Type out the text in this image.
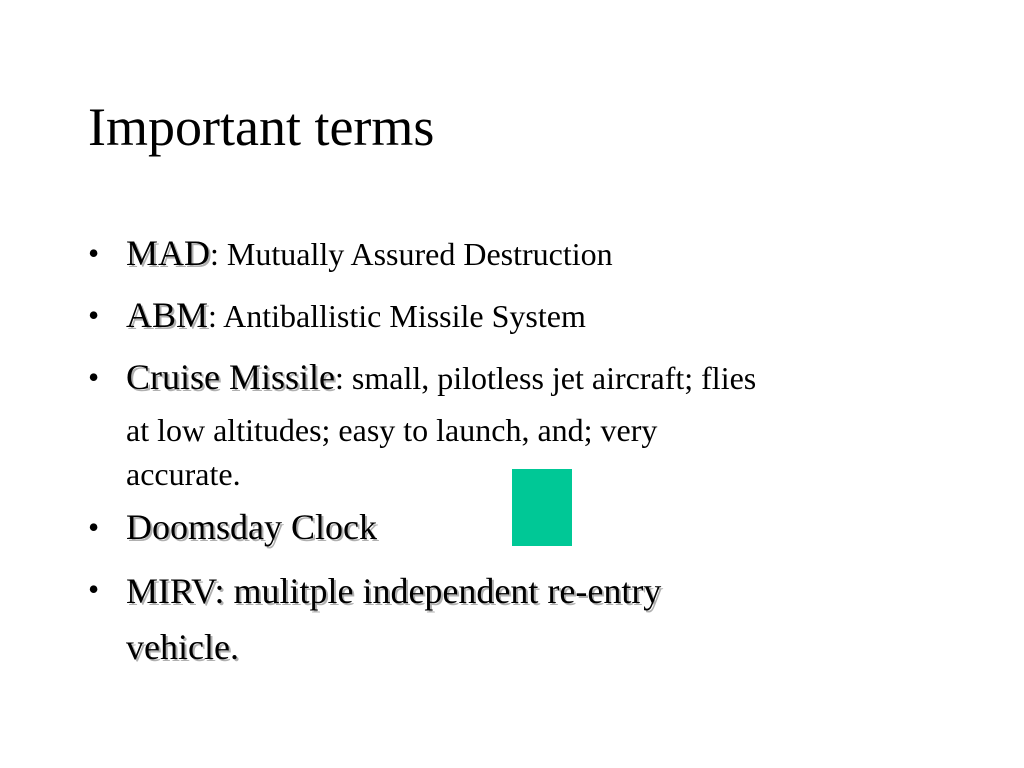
Important terms
• MAD: Mutually Assured Destruction
• ABM: Antiballistic Missile System
• Cruise Missile: small, pilotless jet aircraft; flies
at low altitudes; easy to launch, and; very
accurate.
• Doomsday Clock
• MIRV: mulitple independent re-entry
vehicle.
